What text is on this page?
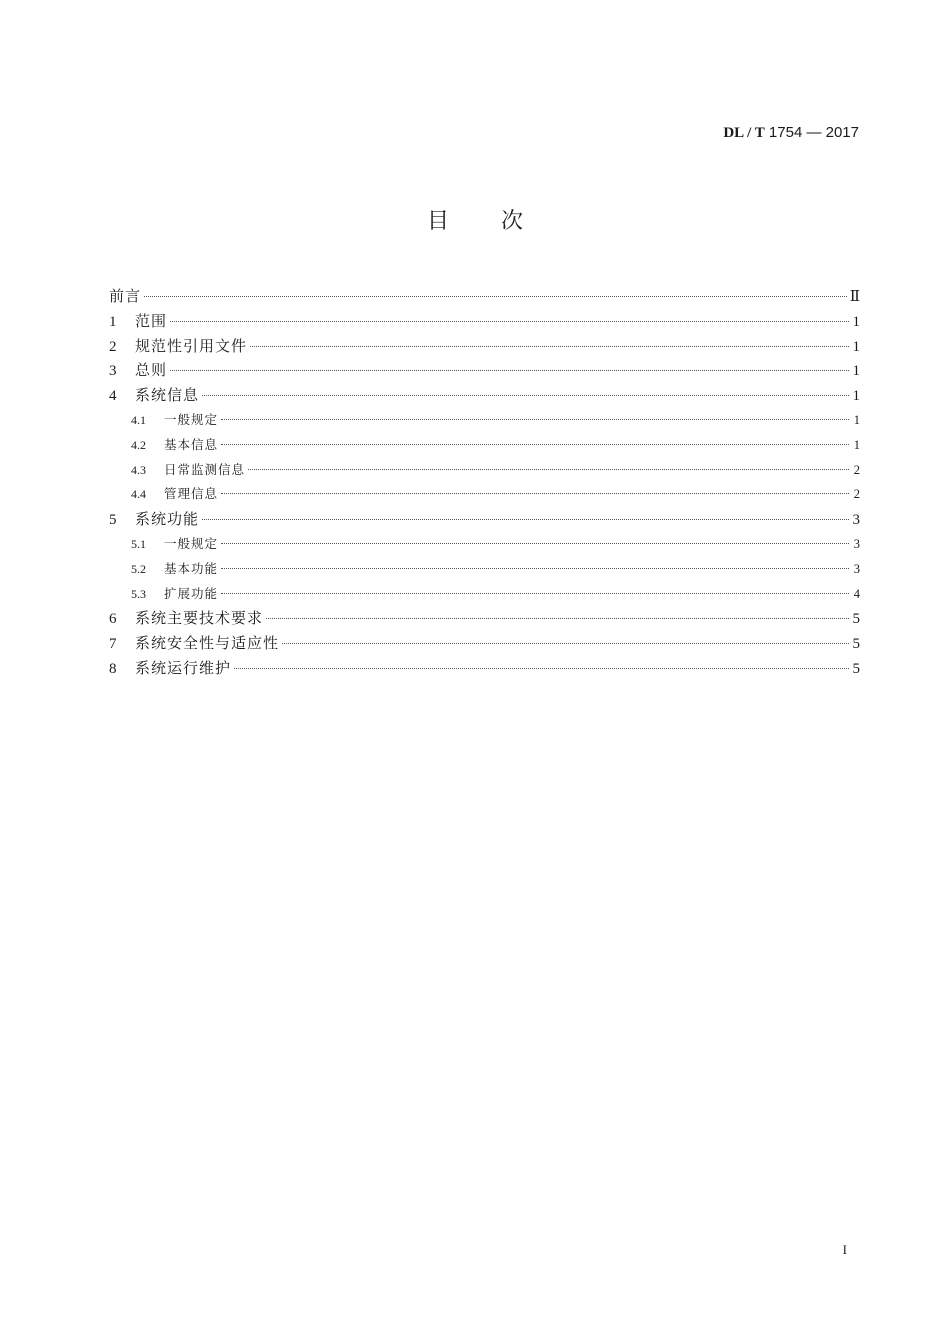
DL / T 1754 — 2017
目 次
前言	Ⅱ
1	范围	1
2	规范性引用文件	1
3	总则	1
4	系统信息	1
4.1	一般规定	1
4.2	基本信息	1
4.3	日常监测信息	2
4.4	管理信息	2
5	系统功能	3
5.1	一般规定	3
5.2	基本功能	3
5.3	扩展功能	4
6	系统主要技术要求	5
7	系统安全性与适应性	5
8	系统运行维护	5
I
